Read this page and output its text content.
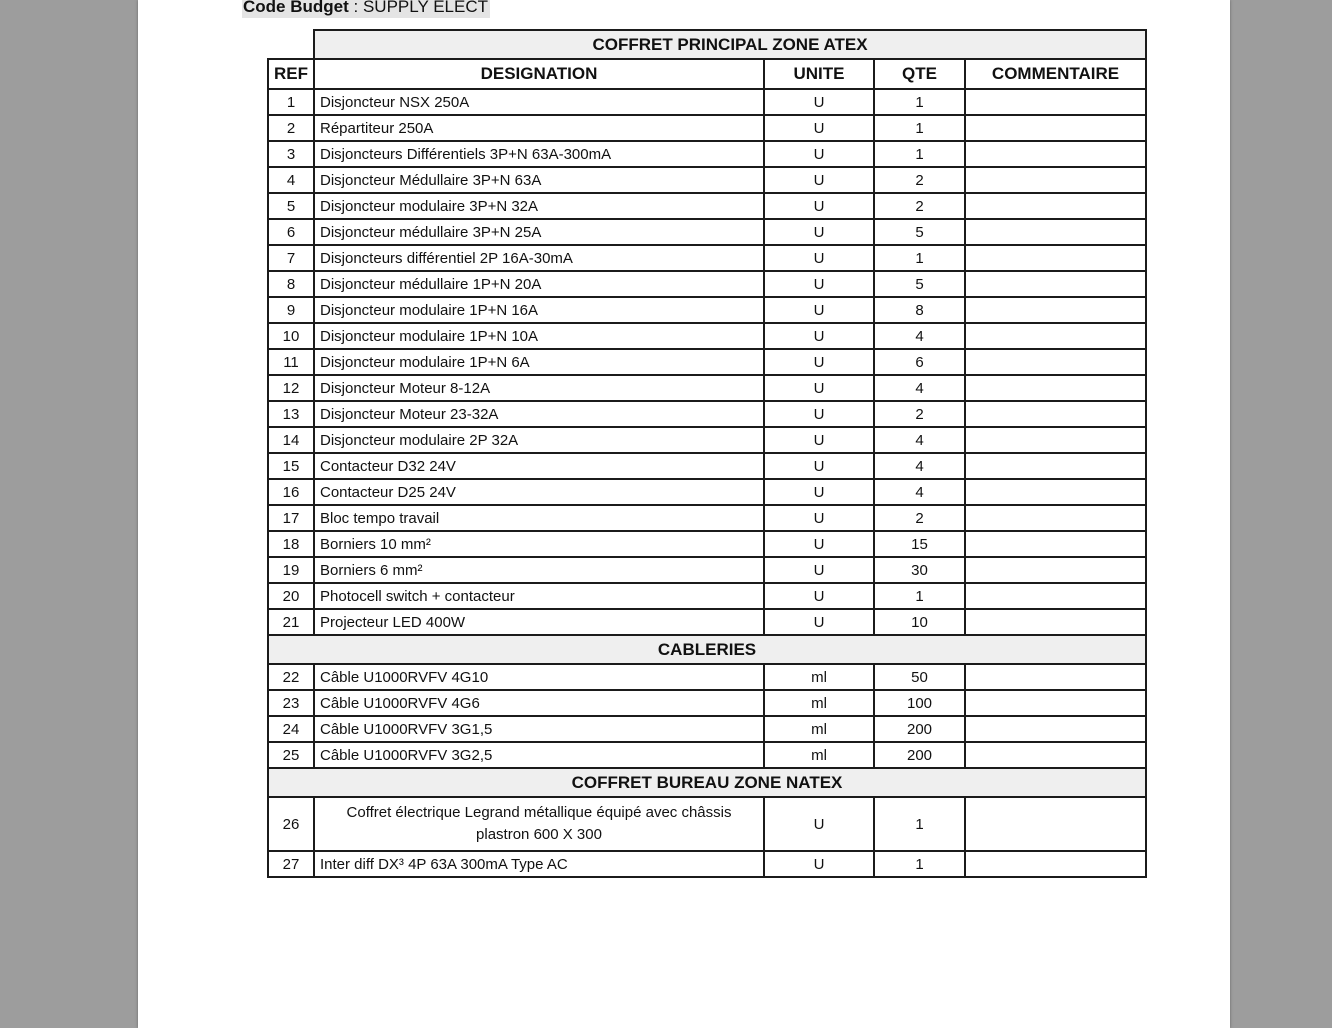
Code Budget : SUPPLY ELECT
	COFFRET PRINCIPAL ZONE ATEX			
REF	DESIGNATION	UNITE	QTE	COMMENTAIRE
1	Disjoncteur NSX 250A	U	1	
2	Répartiteur 250A	U	1	
3	Disjoncteurs Différentiels 3P+N 63A-300mA	U	1	
4	Disjoncteur Médullaire 3P+N 63A	U	2	
5	Disjoncteur modulaire 3P+N 32A	U	2	
6	Disjoncteur médullaire 3P+N 25A	U	5	
7	Disjoncteurs différentiel 2P 16A-30mA	U	1	
8	Disjoncteur médullaire 1P+N 20A	U	5	
9	Disjoncteur modulaire 1P+N 16A	U	8	
10	Disjoncteur modulaire 1P+N 10A	U	4	
11	Disjoncteur modulaire 1P+N 6A	U	6	
12	Disjoncteur Moteur 8-12A	U	4	
13	Disjoncteur Moteur 23-32A	U	2	
14	Disjoncteur modulaire 2P 32A	U	4	
15	Contacteur D32 24V	U	4	
16	Contacteur D25 24V	U	4	
17	Bloc tempo travail	U	2	
18	Borniers 10 mm²	U	15	
19	Borniers 6 mm²	U	30	
20	Photocell switch + contacteur	U	1	
21	Projecteur LED 400W	U	10	
CABLERIES				
22	Câble U1000RVFV 4G10	ml	50	
23	Câble U1000RVFV 4G6	ml	100	
24	Câble U1000RVFV 3G1,5	ml	200	
25	Câble U1000RVFV 3G2,5	ml	200	
COFFRET BUREAU ZONE NATEX				
26	Coffret électrique Legrand métallique équipé avec châssis plastron 600 X 300	U	1	
27	Inter diff DX³ 4P 63A 300mA Type AC	U	1	
